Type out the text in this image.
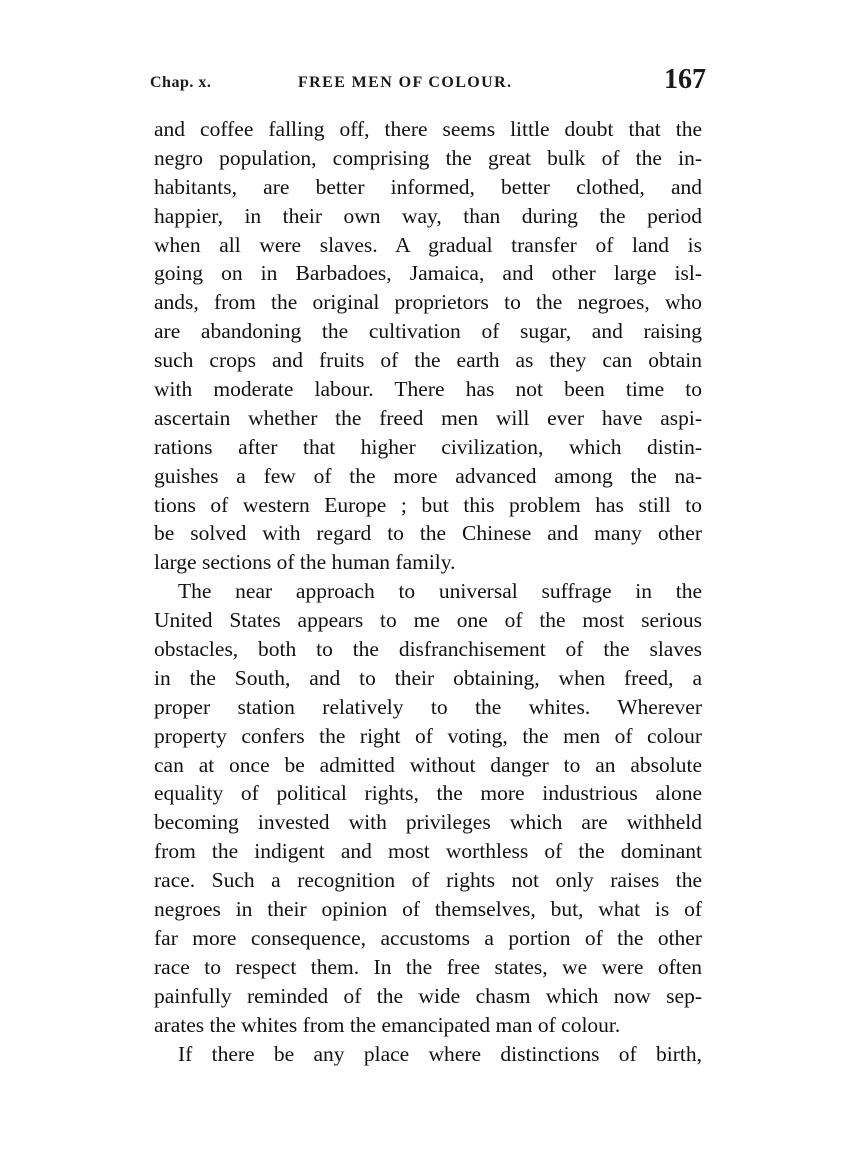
Chap. x.	FREE MEN OF COLOUR.	167
and coffee falling off, there seems little doubt that the
negro population, comprising the great bulk of the in-
habitants, are better informed, better clothed, and
happier, in their own way, than during the period
when all were slaves. A gradual transfer of land is
going on in Barbadoes, Jamaica, and other large isl-
ands, from the original proprietors to the negroes, who
are abandoning the cultivation of sugar, and raising
such crops and fruits of the earth as they can obtain
with moderate labour. There has not been time to
ascertain whether the freed men will ever have aspi-
rations after that higher civilization, which distin-
guishes a few of the more advanced among the na-
tions of western Europe ; but this problem has still to
be solved with regard to the Chinese and many other
large sections of the human family.
The near approach to universal suffrage in the
United States appears to me one of the most serious
obstacles, both to the disfranchisement of the slaves
in the South, and to their obtaining, when freed, a
proper station relatively to the whites. Wherever
property confers the right of voting, the men of colour
can at once be admitted without danger to an absolute
equality of political rights, the more industrious alone
becoming invested with privileges which are withheld
from the indigent and most worthless of the dominant
race. Such a recognition of rights not only raises the
negroes in their opinion of themselves, but, what is of
far more consequence, accustoms a portion of the other
race to respect them. In the free states, we were often
painfully reminded of the wide chasm which now sep-
arates the whites from the emancipated man of colour.
If there be any place where distinctions of birth,
